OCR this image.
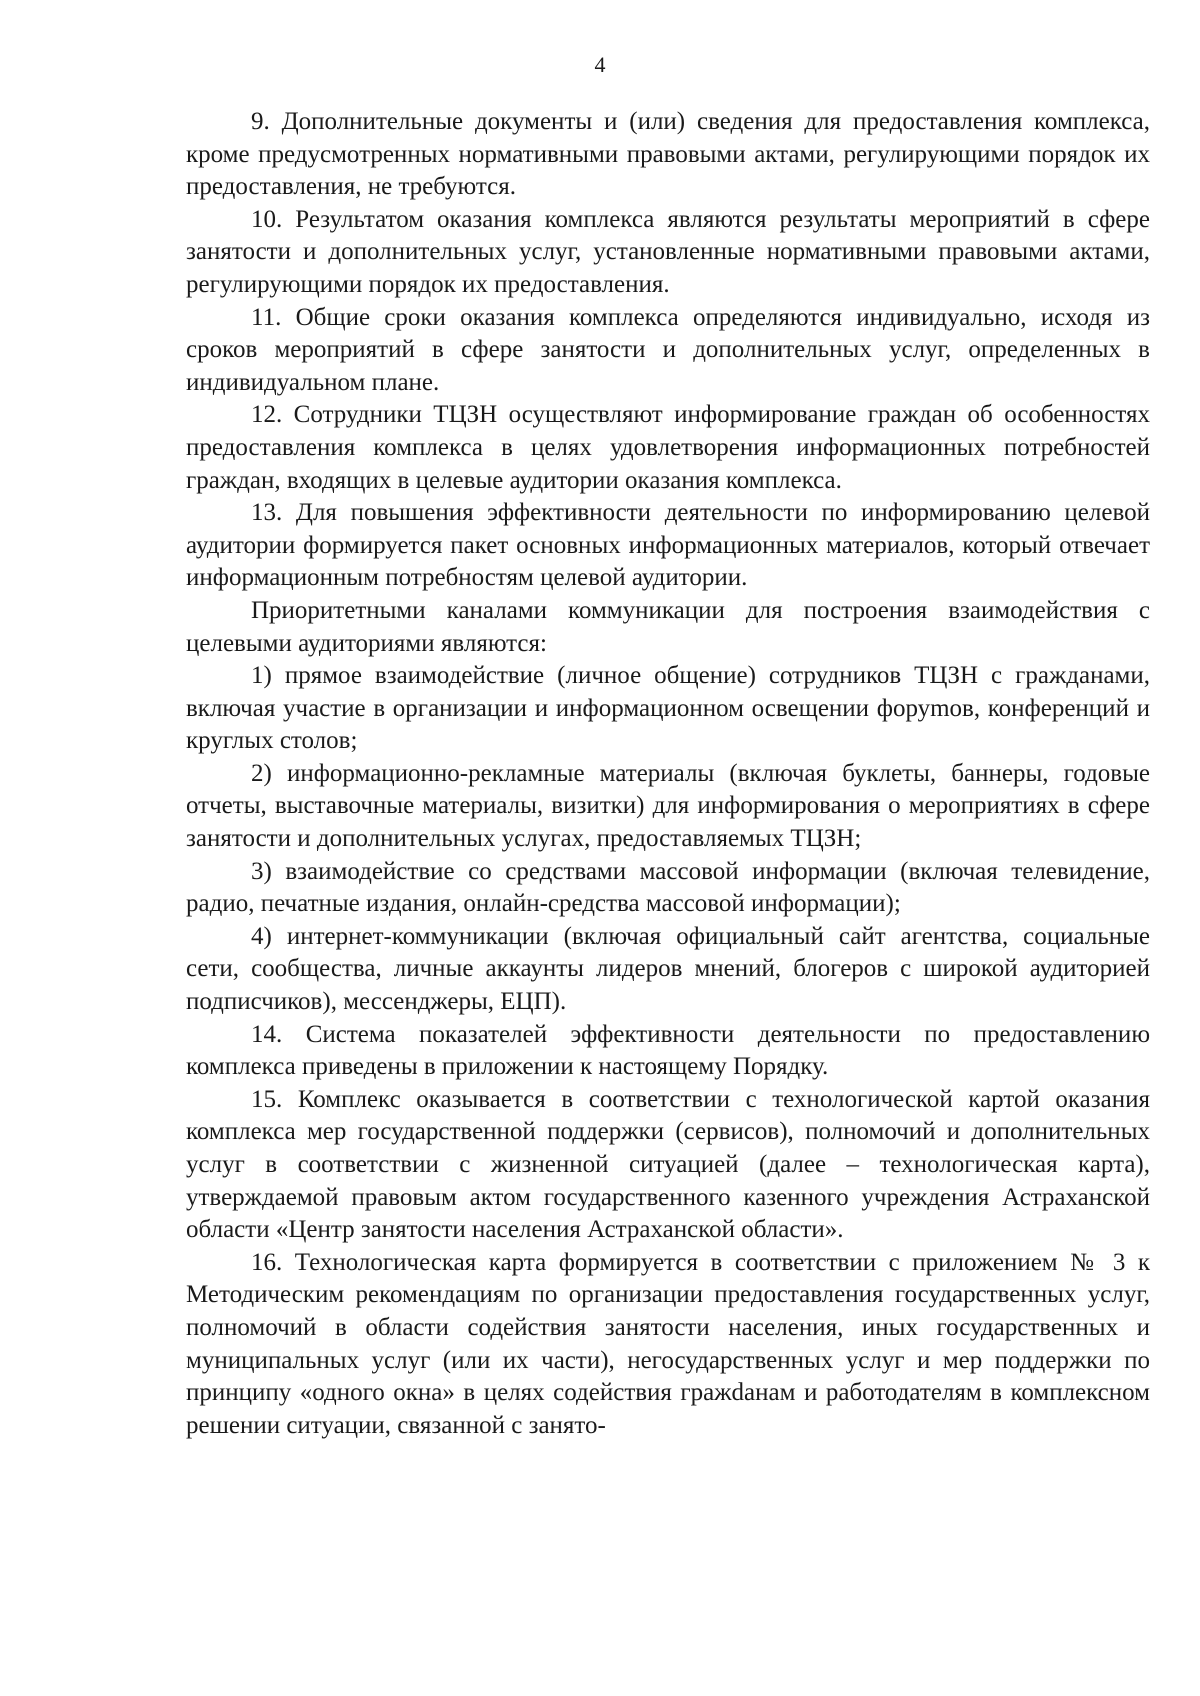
4

9. Дополнительные документы и (или) сведения для предоставления комплекса, кроме предусмотренных нормативными правовыми актами, регулирующими порядок их предоставления, не требуются.

10. Результатом оказания комплекса являются результаты мероприятий в сфере занятости и дополнительных услуг, установленные нормативными правовыми актами, регулирующими порядок их предоставления.

11. Общие сроки оказания комплекса определяются индивидуально, исходя из сроков мероприятий в сфере занятости и дополнительных услуг, определенных в индивидуальном плане.

12. Сотрудники ТЦЗН осуществляют информирование граждан об особенностях предоставления комплекса в целях удовлетворения информационных потребностей граждан, входящих в целевые аудитории оказания комплекса.

13. Для повышения эффективности деятельности по информированию целевой аудитории формируется пакет основных информационных материалов, который отвечает информационным потребностям целевой аудитории.

Приоритетными каналами коммуникации для построения взаимодействия с целевыми аудиториями являются:

1) прямое взаимодействие (личное общение) сотрудников ТЦЗН с гражданами, включая участие в организации и информационном освещении форуmов, конференций и круглых столов;

2) информационно-рекламные материалы (включая буклеты, баннеры, годовые отчеты, выставочные материалы, визитки) для информирования о мероприятиях в сфере занятости и дополнительных услугах, предоставляемых ТЦЗН;

3) взаимодействие со средствами массовой информации (включая телевидение, радио, печатные издания, онлайн-средства массовой информации);

4) интернет-коммуникации (включая официальный сайт агентства, социальные сети, сообщества, личные аккаунты лидеров мнений, блогеров с широкой аудиторией подписчиков), мессенджеры, ЕЦП).

14. Система показателей эффективности деятельности по предоставлению комплекса приведены в приложении к настоящему Порядку.

15. Комплекс оказывается в соответствии с технологической картой оказания комплекса мер государственной поддержки (сервисов), полномочий и дополнительных услуг в соответствии с жизненной ситуацией (далее – технологическая карта), утверждаемой правовым актом государственного казенного учреждения Астраханской области «Центр занятости населения Астраханской области».

16. Технологическая карта формируется в соответствии с приложением № 3 к Методическим рекомендациям по организации предоставления государственных услуг, полномочий в области содействия занятости населения, иных государственных и муниципальных услуг (или их части), негосударственных услуг и мер поддержки по принципу «одного окна» в целях содействия гражdанам и работодателям в комплексном решении ситуации, связанной с занято-
